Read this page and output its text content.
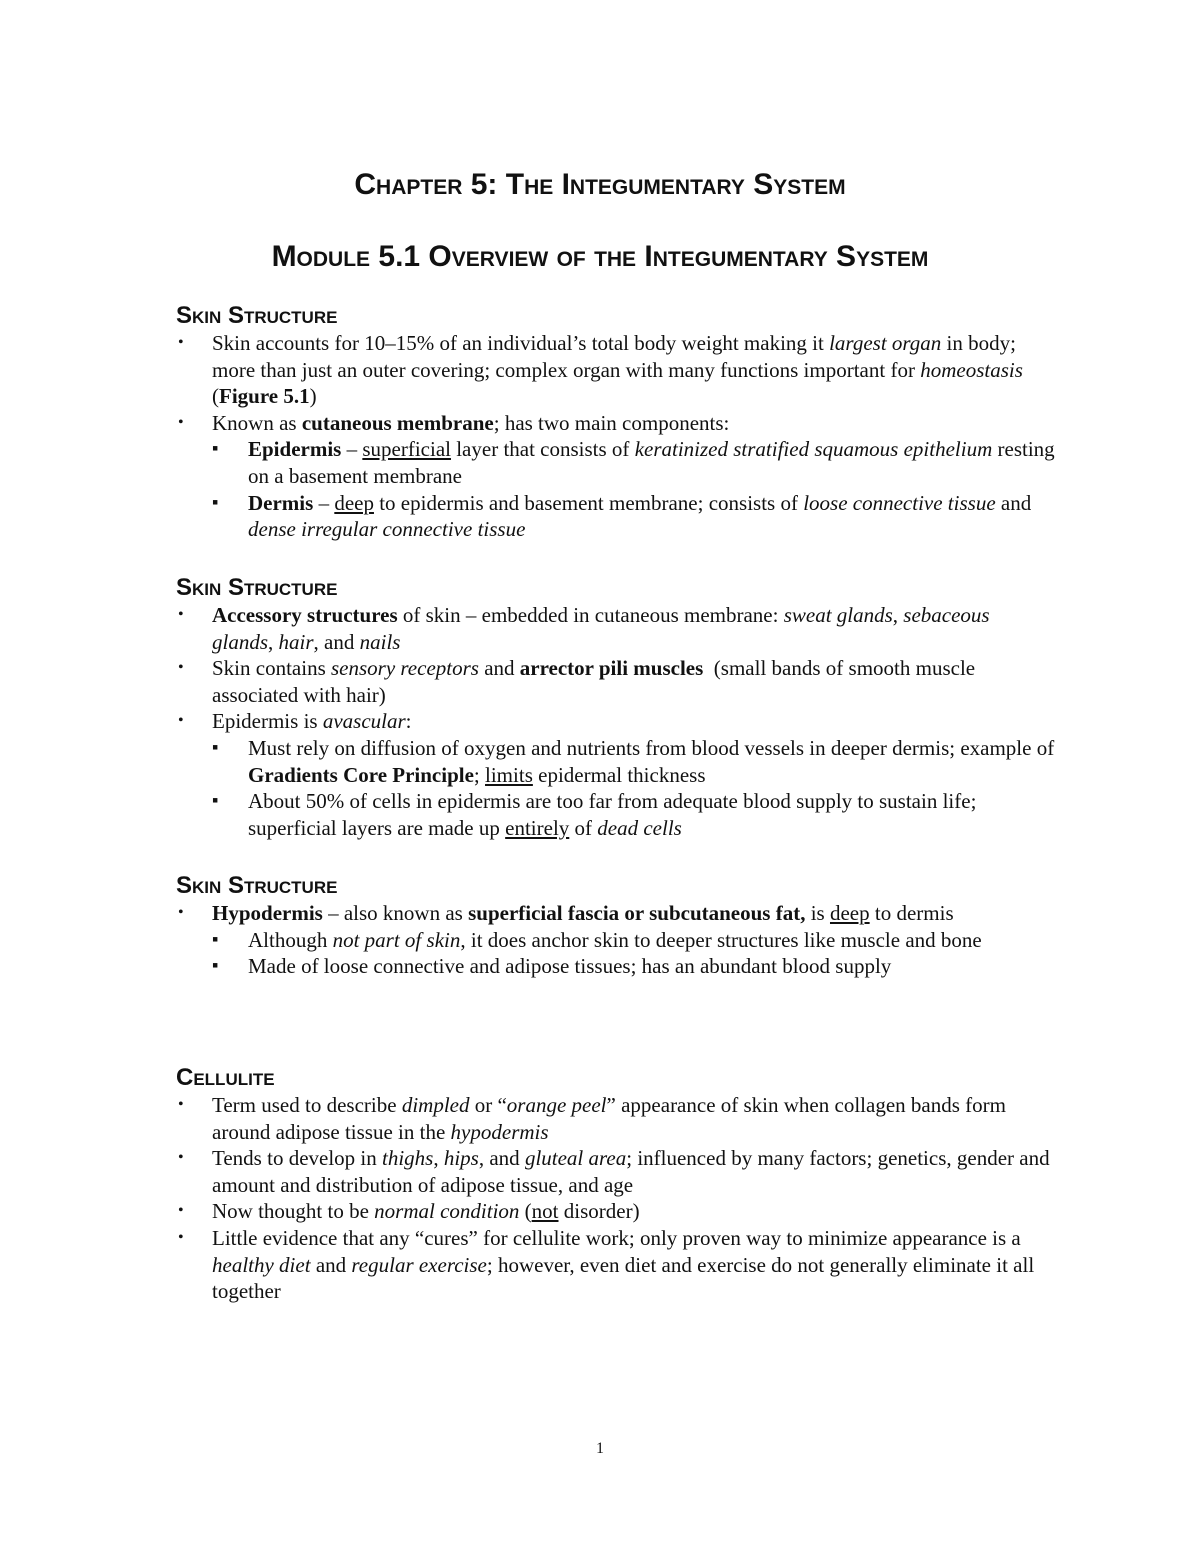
Chapter 5: The Integumentary System
Module 5.1 Overview of the Integumentary System
Skin Structure
• Skin accounts for 10–15% of an individual’s total body weight making it largest organ in body; more than just an outer covering; complex organ with many functions important for homeostasis (Figure 5.1)
• Known as cutaneous membrane; has two main components:
▪ Epidermis – superficial layer that consists of keratinized stratified squamous epithelium resting on a basement membrane
▪ Dermis – deep to epidermis and basement membrane; consists of loose connective tissue and dense irregular connective tissue
Skin Structure
• Accessory structures of skin – embedded in cutaneous membrane: sweat glands, sebaceous glands, hair, and nails
• Skin contains sensory receptors and arrector pili muscles  (small bands of smooth muscle associated with hair)
• Epidermis is avascular:
▪ Must rely on diffusion of oxygen and nutrients from blood vessels in deeper dermis; example of Gradients Core Principle; limits epidermal thickness
▪ About 50% of cells in epidermis are too far from adequate blood supply to sustain life; superficial layers are made up entirely of dead cells
Skin Structure
• Hypodermis – also known as superficial fascia or subcutaneous fat, is deep to dermis
▪ Although not part of skin, it does anchor skin to deeper structures like muscle and bone
▪ Made of loose connective and adipose tissues; has an abundant blood supply
Cellulite
• Term used to describe dimpled or “orange peel” appearance of skin when collagen bands form around adipose tissue in the hypodermis
• Tends to develop in thighs, hips, and gluteal area; influenced by many factors; genetics, gender and amount and distribution of adipose tissue, and age
• Now thought to be normal condition (not disorder)
• Little evidence that any “cures” for cellulite work; only proven way to minimize appearance is a healthy diet and regular exercise; however, even diet and exercise do not generally eliminate it all together
1
